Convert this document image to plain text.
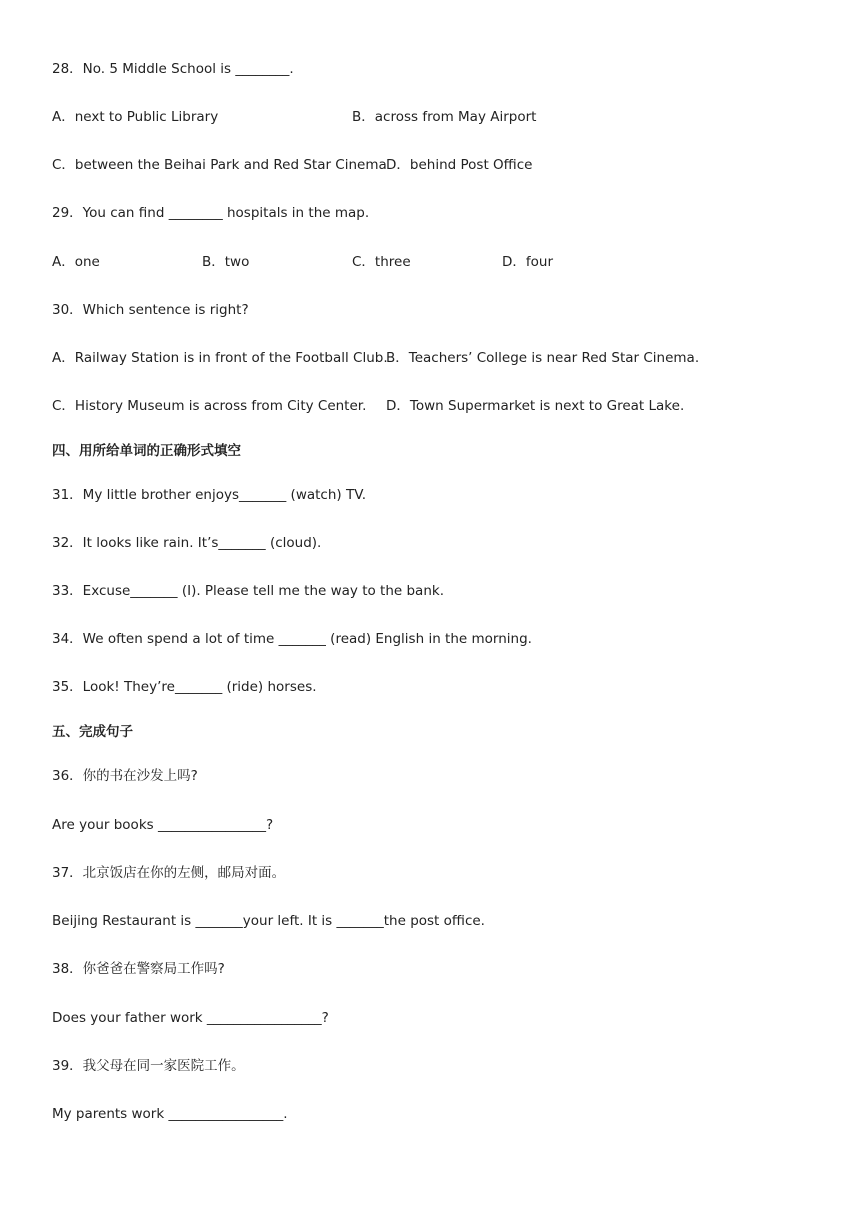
28．No. 5 Middle School is ________.
A．next to Public Library	B．across from May Airport
C．between the Beihai Park and Red Star Cinema D．behind Post Office
29．You can find ________ hospitals in the map.
A．one	B．two	C．three	D．four
30．Which sentence is right?
A．Railway Station is in front of the Football Club.
B．Teachers’ College is near Red Star Cinema.
C．History Museum is across from City Center. D．Town Supermarket is next to Great Lake.
四、用所给单词的正确形式填空
31．My little brother enjoys_______ (watch) TV.
32．It looks like rain. It’s_______ (cloud).
33．Excuse_______ (I). Please tell me the way to the bank.
34．We often spend a lot of time _______ (read) English in the morning.
35．Look! They’re_______ (ride) horses.
五、完成句子
36．你的书在沙发上吗?
Are your books ________________?
37．北京饭店在你的左侧，邮局对面。
Beijing Restaurant is _______your left. It is _______the post office.
38．你爸爸在警察局工作吗?
Does your father work _________________?
39．我父母在同一家医院工作。
My parents work _________________.
